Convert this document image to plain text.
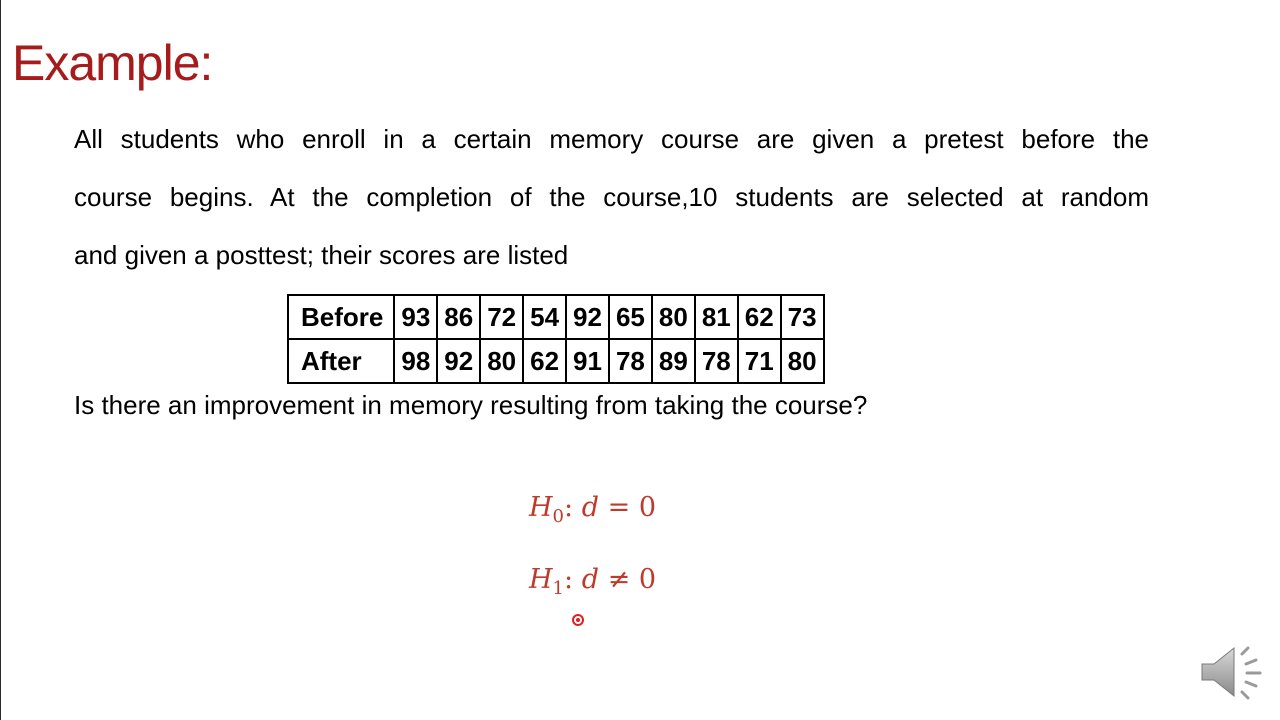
Example:
All students who enroll in a certain memory course are given a pretest before the
course begins. At the completion of the course,10 students are selected at random
and given a posttest; their scores are listed
Before	93	86	72	54	92	65	80	81	62	73
After	98	92	80	62	91	78	89	78	71	80
Is there an improvement in memory resulting from taking the course?
$H_0$: d = 0
$H_1$: d ≠ 0
